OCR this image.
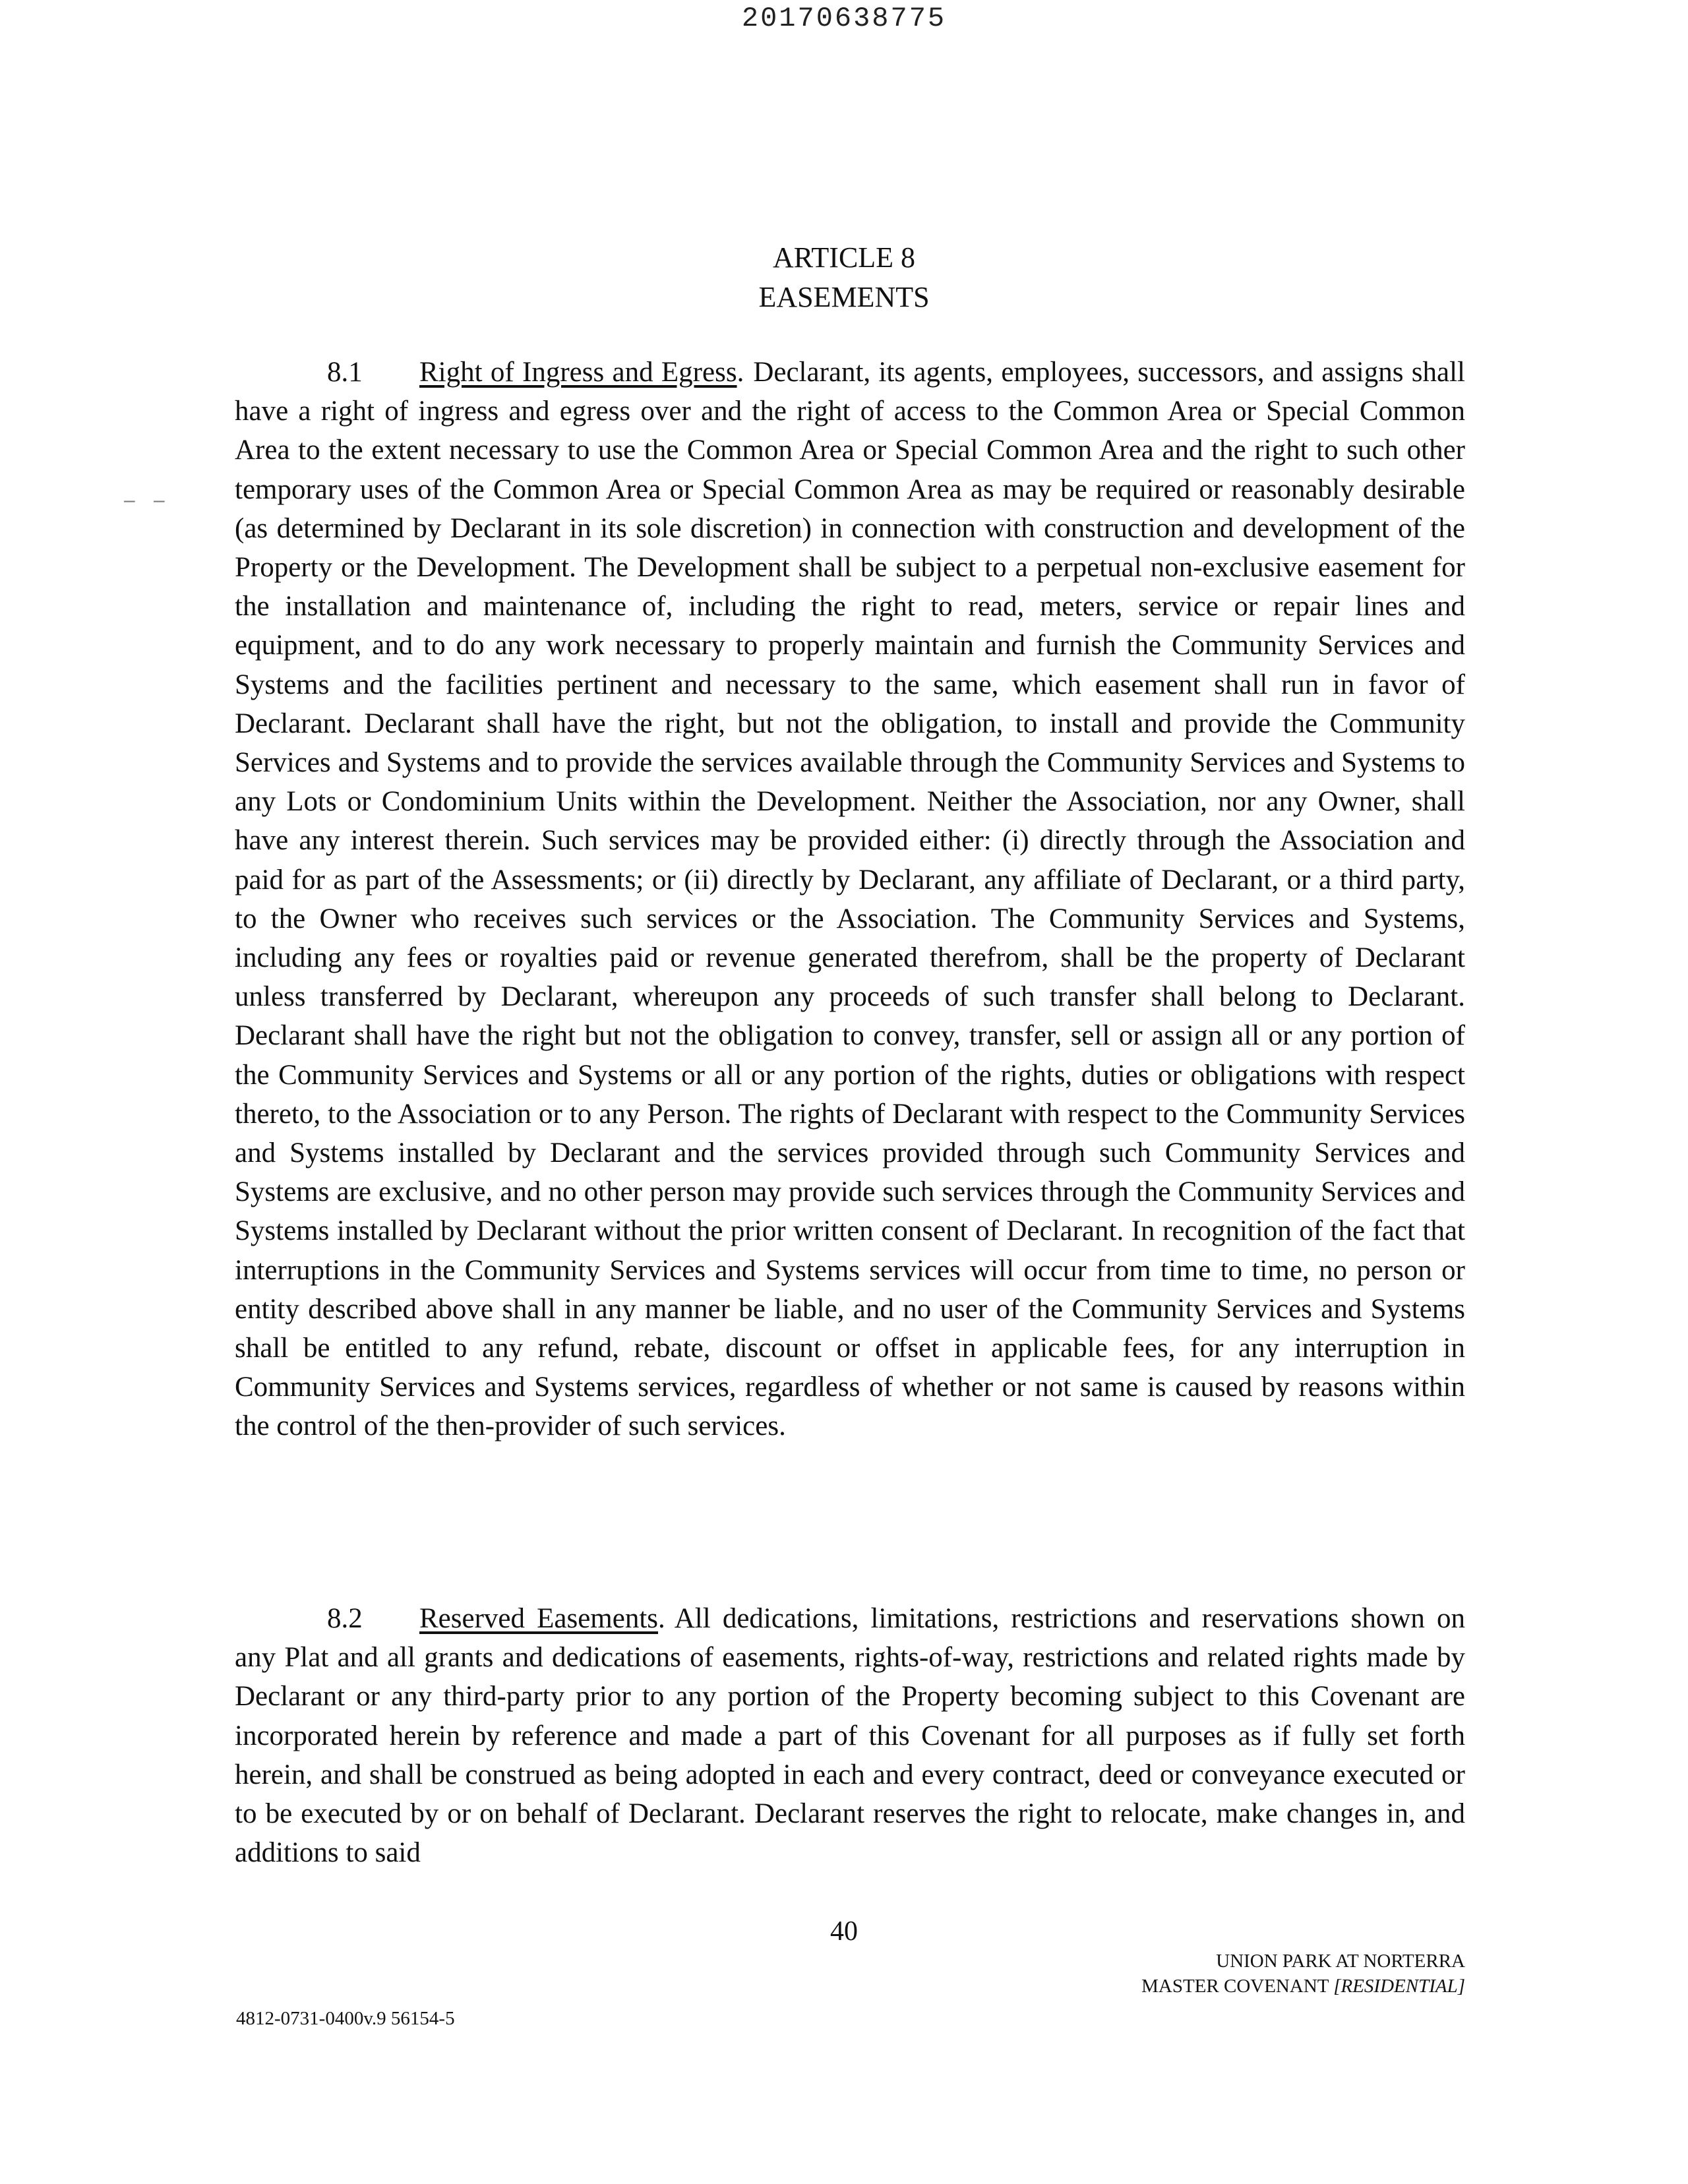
20170638775
‒ ‒
ARTICLE 8
EASEMENTS

8.1 Right of Ingress and Egress. Declarant, its agents, employees, successors, and assigns shall have a right of ingress and egress over and the right of access to the Common Area or Special Common Area to the extent necessary to use the Common Area or Special Common Area and the right to such other temporary uses of the Common Area or Special Common Area as may be required or reasonably desirable (as determined by Declarant in its sole discretion) in connection with construction and development of the Property or the Development. The Development shall be subject to a perpetual non-exclusive easement for the installation and maintenance of, including the right to read, meters, service or repair lines and equipment, and to do any work necessary to properly maintain and furnish the Community Services and Systems and the facilities pertinent and necessary to the same, which easement shall run in favor of Declarant. Declarant shall have the right, but not the obligation, to install and provide the Community Services and Systems and to provide the services available through the Community Services and Systems to any Lots or Condominium Units within the Development. Neither the Association, nor any Owner, shall have any interest therein. Such services may be provided either: (i) directly through the Association and paid for as part of the Assessments; or (ii) directly by Declarant, any affiliate of Declarant, or a third party, to the Owner who receives such services or the Association. The Community Services and Systems, including any fees or royalties paid or revenue generated therefrom, shall be the property of Declarant unless transferred by Declarant, whereupon any proceeds of such transfer shall belong to Declarant. Declarant shall have the right but not the obligation to convey, transfer, sell or assign all or any portion of the Community Services and Systems or all or any portion of the rights, duties or obligations with respect thereto, to the Association or to any Person. The rights of Declarant with respect to the Community Services and Systems installed by Declarant and the services provided through such Community Services and Systems are exclusive, and no other person may provide such services through the Community Services and Systems installed by Declarant without the prior written consent of Declarant. In recognition of the fact that interruptions in the Community Services and Systems services will occur from time to time, no person or entity described above shall in any manner be liable, and no user of the Community Services and Systems shall be entitled to any refund, rebate, discount or offset in applicable fees, for any interruption in Community Services and Systems services, regardless of whether or not same is caused by reasons within the control of the then-provider of such services.

8.2 Reserved Easements. All dedications, limitations, restrictions and reservations shown on any Plat and all grants and dedications of easements, rights-of-way, restrictions and related rights made by Declarant or any third-party prior to any portion of the Property becoming subject to this Covenant are incorporated herein by reference and made a part of this Covenant for all purposes as if fully set forth herein, and shall be construed as being adopted in each and every contract, deed or conveyance executed or to be executed by or on behalf of Declarant. Declarant reserves the right to relocate, make changes in, and additions to said

40
UNION PARK AT NORTERRA
MASTER COVENANT [RESIDENTIAL]
4812-0731-0400v.9 56154-5
